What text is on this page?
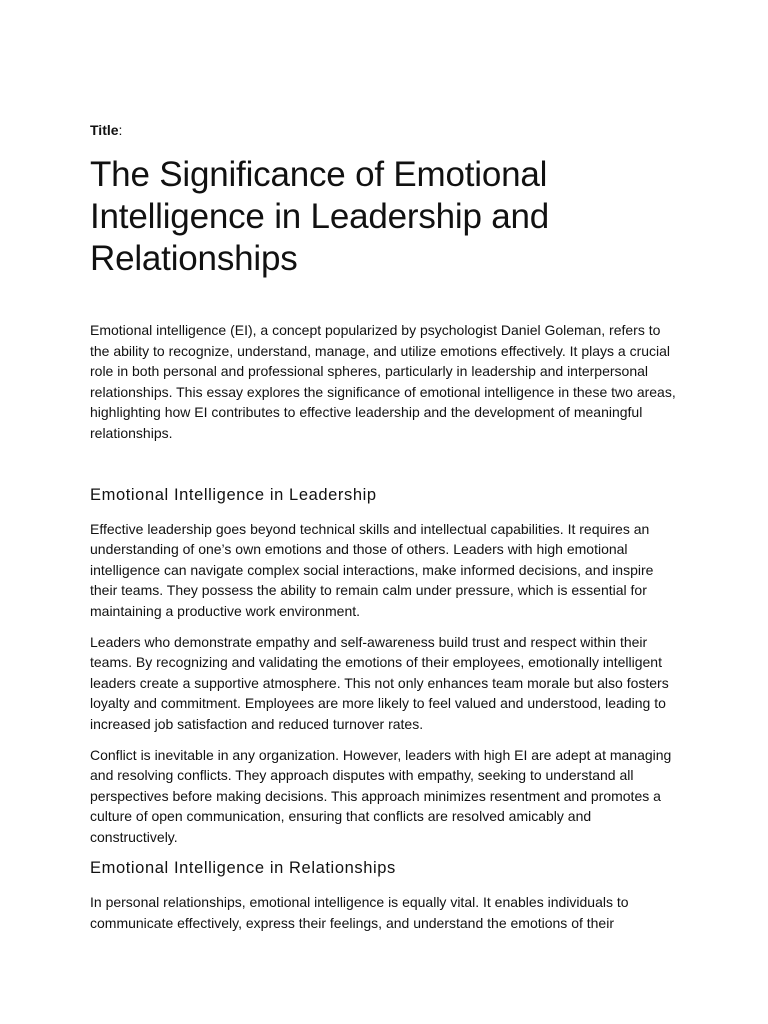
Title:
The Significance of Emotional Intelligence in Leadership and Relationships

Emotional intelligence (EI), a concept popularized by psychologist Daniel Goleman, refers to the ability to recognize, understand, manage, and utilize emotions effectively. It plays a crucial role in both personal and professional spheres, particularly in leadership and interpersonal relationships. This essay explores the significance of emotional intelligence in these two areas, highlighting how EI contributes to effective leadership and the development of meaningful relationships.

Emotional Intelligence in Leadership

Effective leadership goes beyond technical skills and intellectual capabilities. It requires an understanding of one’s own emotions and those of others. Leaders with high emotional intelligence can navigate complex social interactions, make informed decisions, and inspire their teams. They possess the ability to remain calm under pressure, which is essential for maintaining a productive work environment.

Leaders who demonstrate empathy and self-awareness build trust and respect within their teams. By recognizing and validating the emotions of their employees, emotionally intelligent leaders create a supportive atmosphere. This not only enhances team morale but also fosters loyalty and commitment. Employees are more likely to feel valued and understood, leading to increased job satisfaction and reduced turnover rates.

Conflict is inevitable in any organization. However, leaders with high EI are adept at managing and resolving conflicts. They approach disputes with empathy, seeking to understand all perspectives before making decisions. This approach minimizes resentment and promotes a culture of open communication, ensuring that conflicts are resolved amicably and constructively.

Emotional Intelligence in Relationships

In personal relationships, emotional intelligence is equally vital. It enables individuals to communicate effectively, express their feelings, and understand the emotions of their
